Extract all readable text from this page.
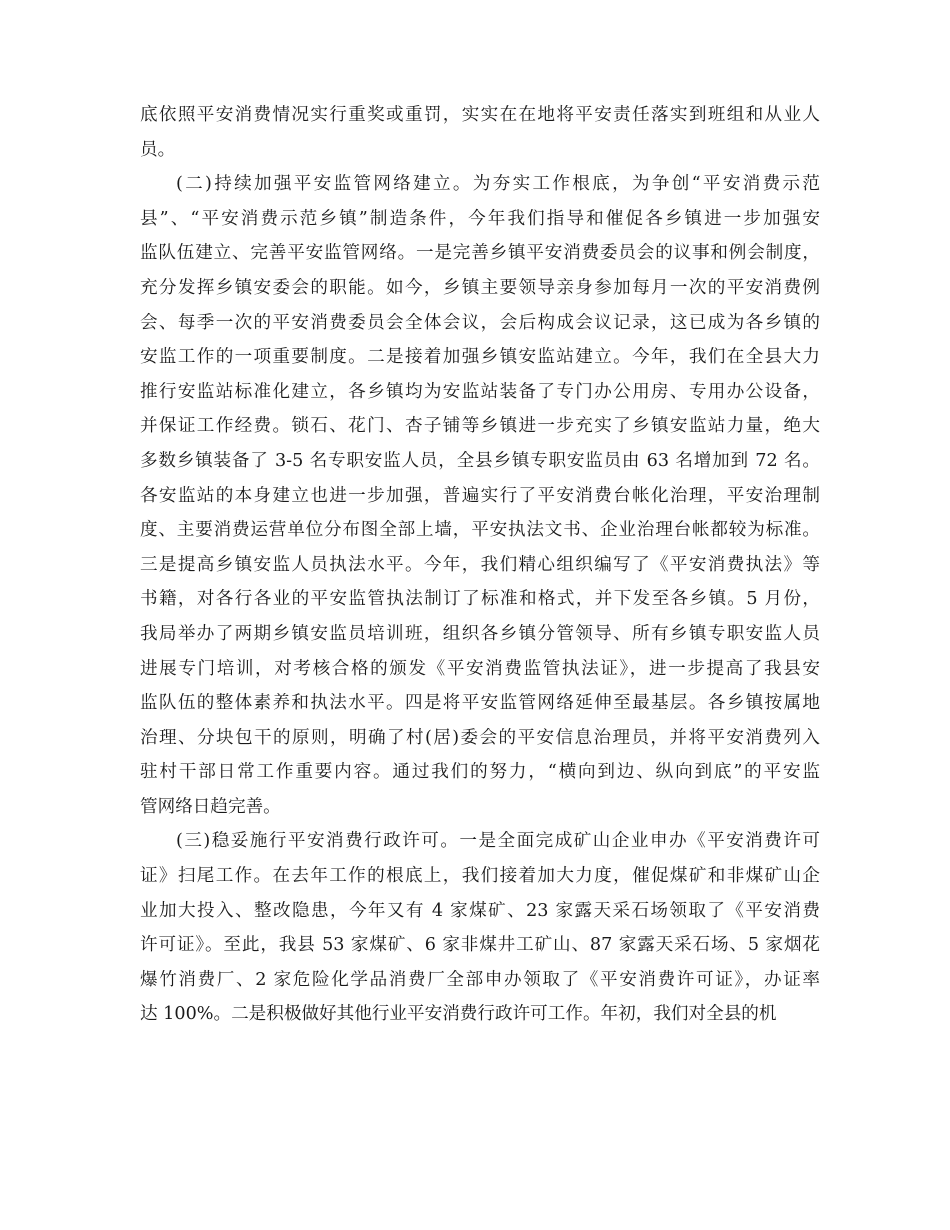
底依照平安消费情况实行重奖或重罚，实实在在地将平安责任落实到班组和从业人
员。
(二)持续加强平安监管网络建立。为夯实工作根底，为争创“平安消费示范
县”、“平安消费示范乡镇”制造条件，今年我们指导和催促各乡镇进一步加强安
监队伍建立、完善平安监管网络。一是完善乡镇平安消费委员会的议事和例会制度，
充分发挥乡镇安委会的职能。如今，乡镇主要领导亲身参加每月一次的平安消费例
会、每季一次的平安消费委员会全体会议，会后构成会议记录，这已成为各乡镇的
安监工作的一项重要制度。二是接着加强乡镇安监站建立。今年，我们在全县大力
推行安监站标准化建立，各乡镇均为安监站装备了专门办公用房、专用办公设备，
并保证工作经费。锁石、花门、杏子铺等乡镇进一步充实了乡镇安监站力量，绝大
多数乡镇装备了 3-5 名专职安监人员，全县乡镇专职安监员由 63 名增加到 72 名。
各安监站的本身建立也进一步加强，普遍实行了平安消费台帐化治理，平安治理制
度、主要消费运营单位分布图全部上墙，平安执法文书、企业治理台帐都较为标准。
三是提高乡镇安监人员执法水平。今年，我们精心组织编写了《平安消费执法》等
书籍，对各行各业的平安监管执法制订了标准和格式，并下发至各乡镇。5 月份，
我局举办了两期乡镇安监员培训班，组织各乡镇分管领导、所有乡镇专职安监人员
进展专门培训，对考核合格的颁发《平安消费监管执法证》，进一步提高了我县安
监队伍的整体素养和执法水平。四是将平安监管网络延伸至最基层。各乡镇按属地
治理、分块包干的原则，明确了村(居)委会的平安信息治理员，并将平安消费列入
驻村干部日常工作重要内容。通过我们的努力，“横向到边、纵向到底”的平安监
管网络日趋完善。
(三)稳妥施行平安消费行政许可。一是全面完成矿山企业申办《平安消费许可
证》扫尾工作。在去年工作的根底上，我们接着加大力度，催促煤矿和非煤矿山企
业加大投入、整改隐患，今年又有 4 家煤矿、23 家露天采石场领取了《平安消费
许可证》。至此，我县 53 家煤矿、6 家非煤井工矿山、87 家露天采石场、5 家烟花
爆竹消费厂、2 家危险化学品消费厂全部申办领取了《平安消费许可证》，办证率
达 100%。二是积极做好其他行业平安消费行政许可工作。年初，我们对全县的机
